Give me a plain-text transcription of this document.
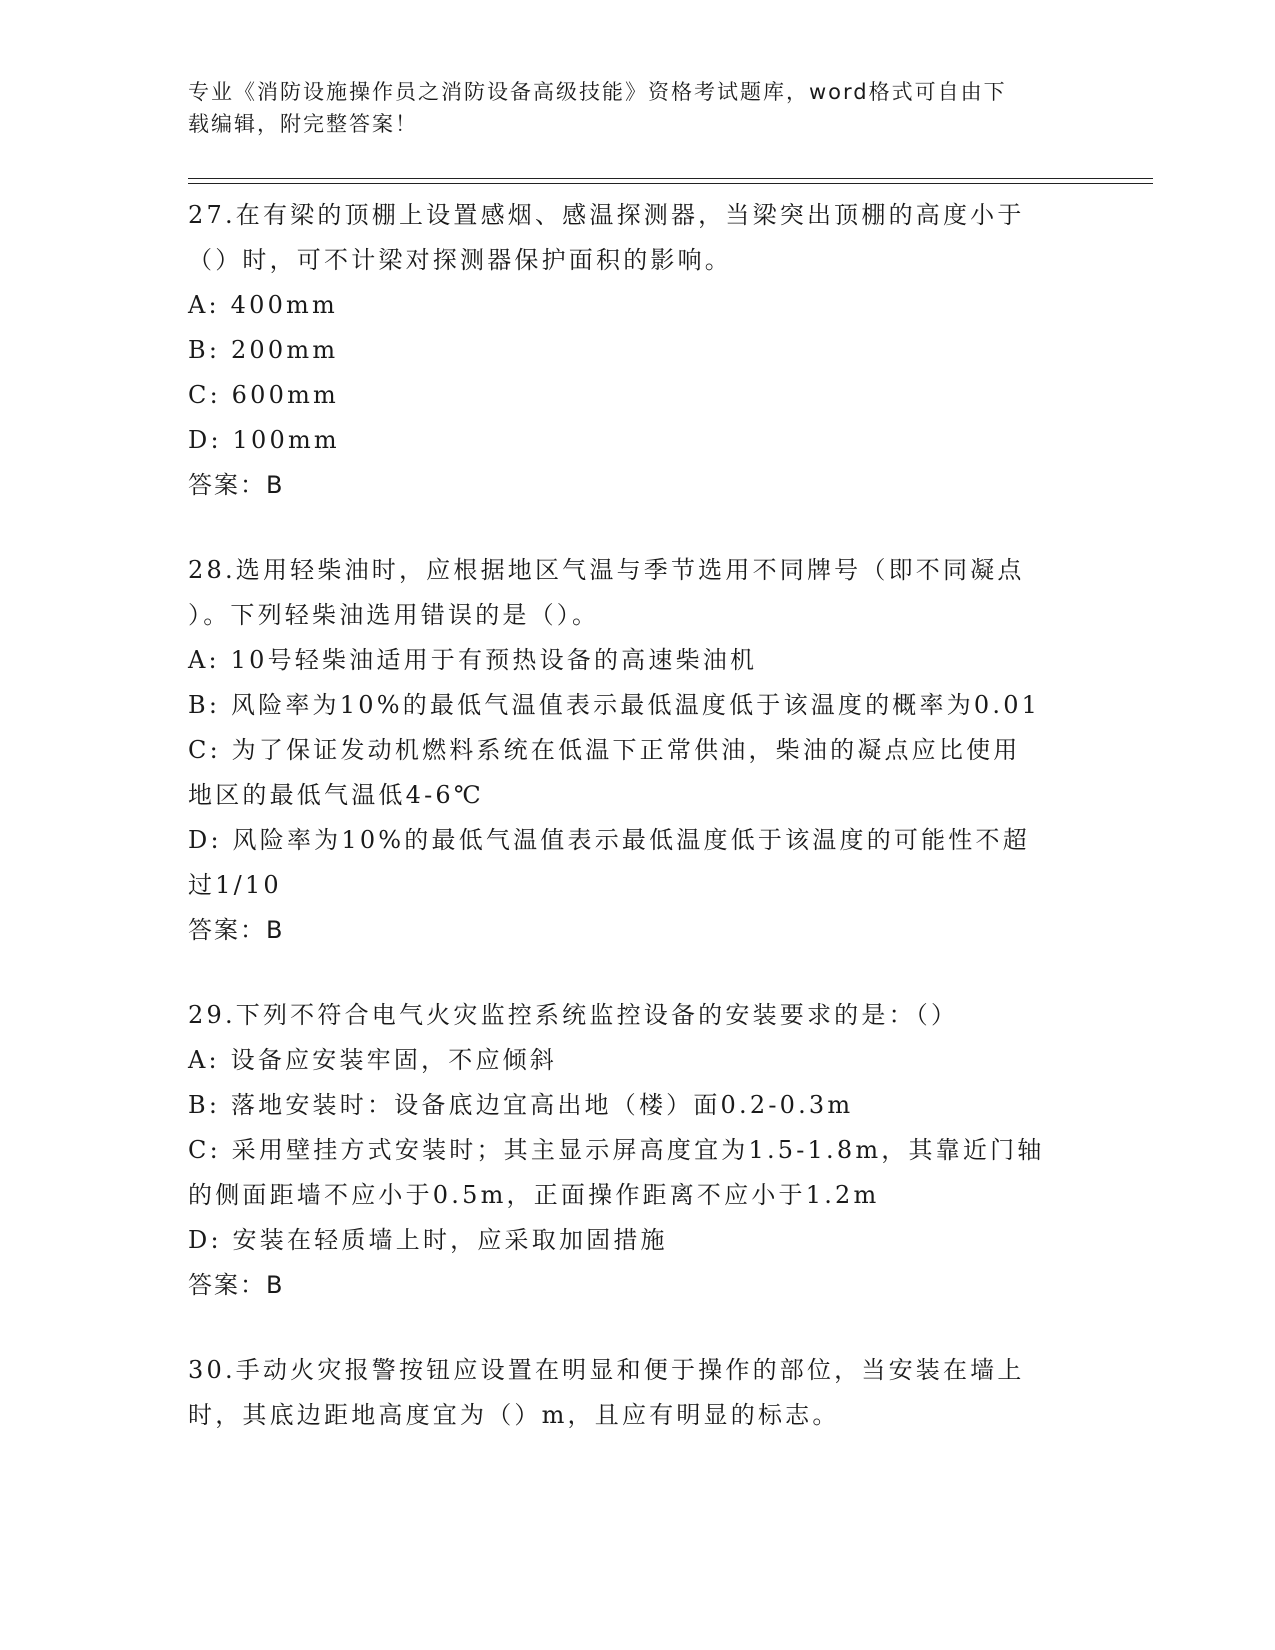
专业《消防设施操作员之消防设备高级技能》资格考试题库，word格式可自由下
载编辑，附完整答案！
27.在有梁的顶棚上设置感烟、感温探测器，当梁突出顶棚的高度小于
（）时，可不计梁对探测器保护面积的影响。
A: 400mm
B: 200mm
C: 600mm
D: 100mm
答案：B
28.选用轻柴油时，应根据地区气温与季节选用不同牌号（即不同凝点
）。下列轻柴油选用错误的是（）。
A: 10号轻柴油适用于有预热设备的高速柴油机
B: 风险率为10%的最低气温值表示最低温度低于该温度的概率为0.01
C: 为了保证发动机燃料系统在低温下正常供油，柴油的凝点应比使用
地区的最低气温低4-6℃
D: 风险率为10%的最低气温值表示最低温度低于该温度的可能性不超
过1/10
答案：B
29.下列不符合电气火灾监控系统监控设备的安装要求的是：（）
A: 设备应安装牢固，不应倾斜
B: 落地安装时：设备底边宜高出地（楼）面0.2-0.3m
C: 采用壁挂方式安装时；其主显示屏高度宜为1.5-1.8m，其靠近门轴
的侧面距墙不应小于0.5m，正面操作距离不应小于1.2m
D: 安装在轻质墙上时，应采取加固措施
答案：B
30.手动火灾报警按钮应设置在明显和便于操作的部位，当安装在墙上
时，其底边距地高度宜为（）m，且应有明显的标志。
